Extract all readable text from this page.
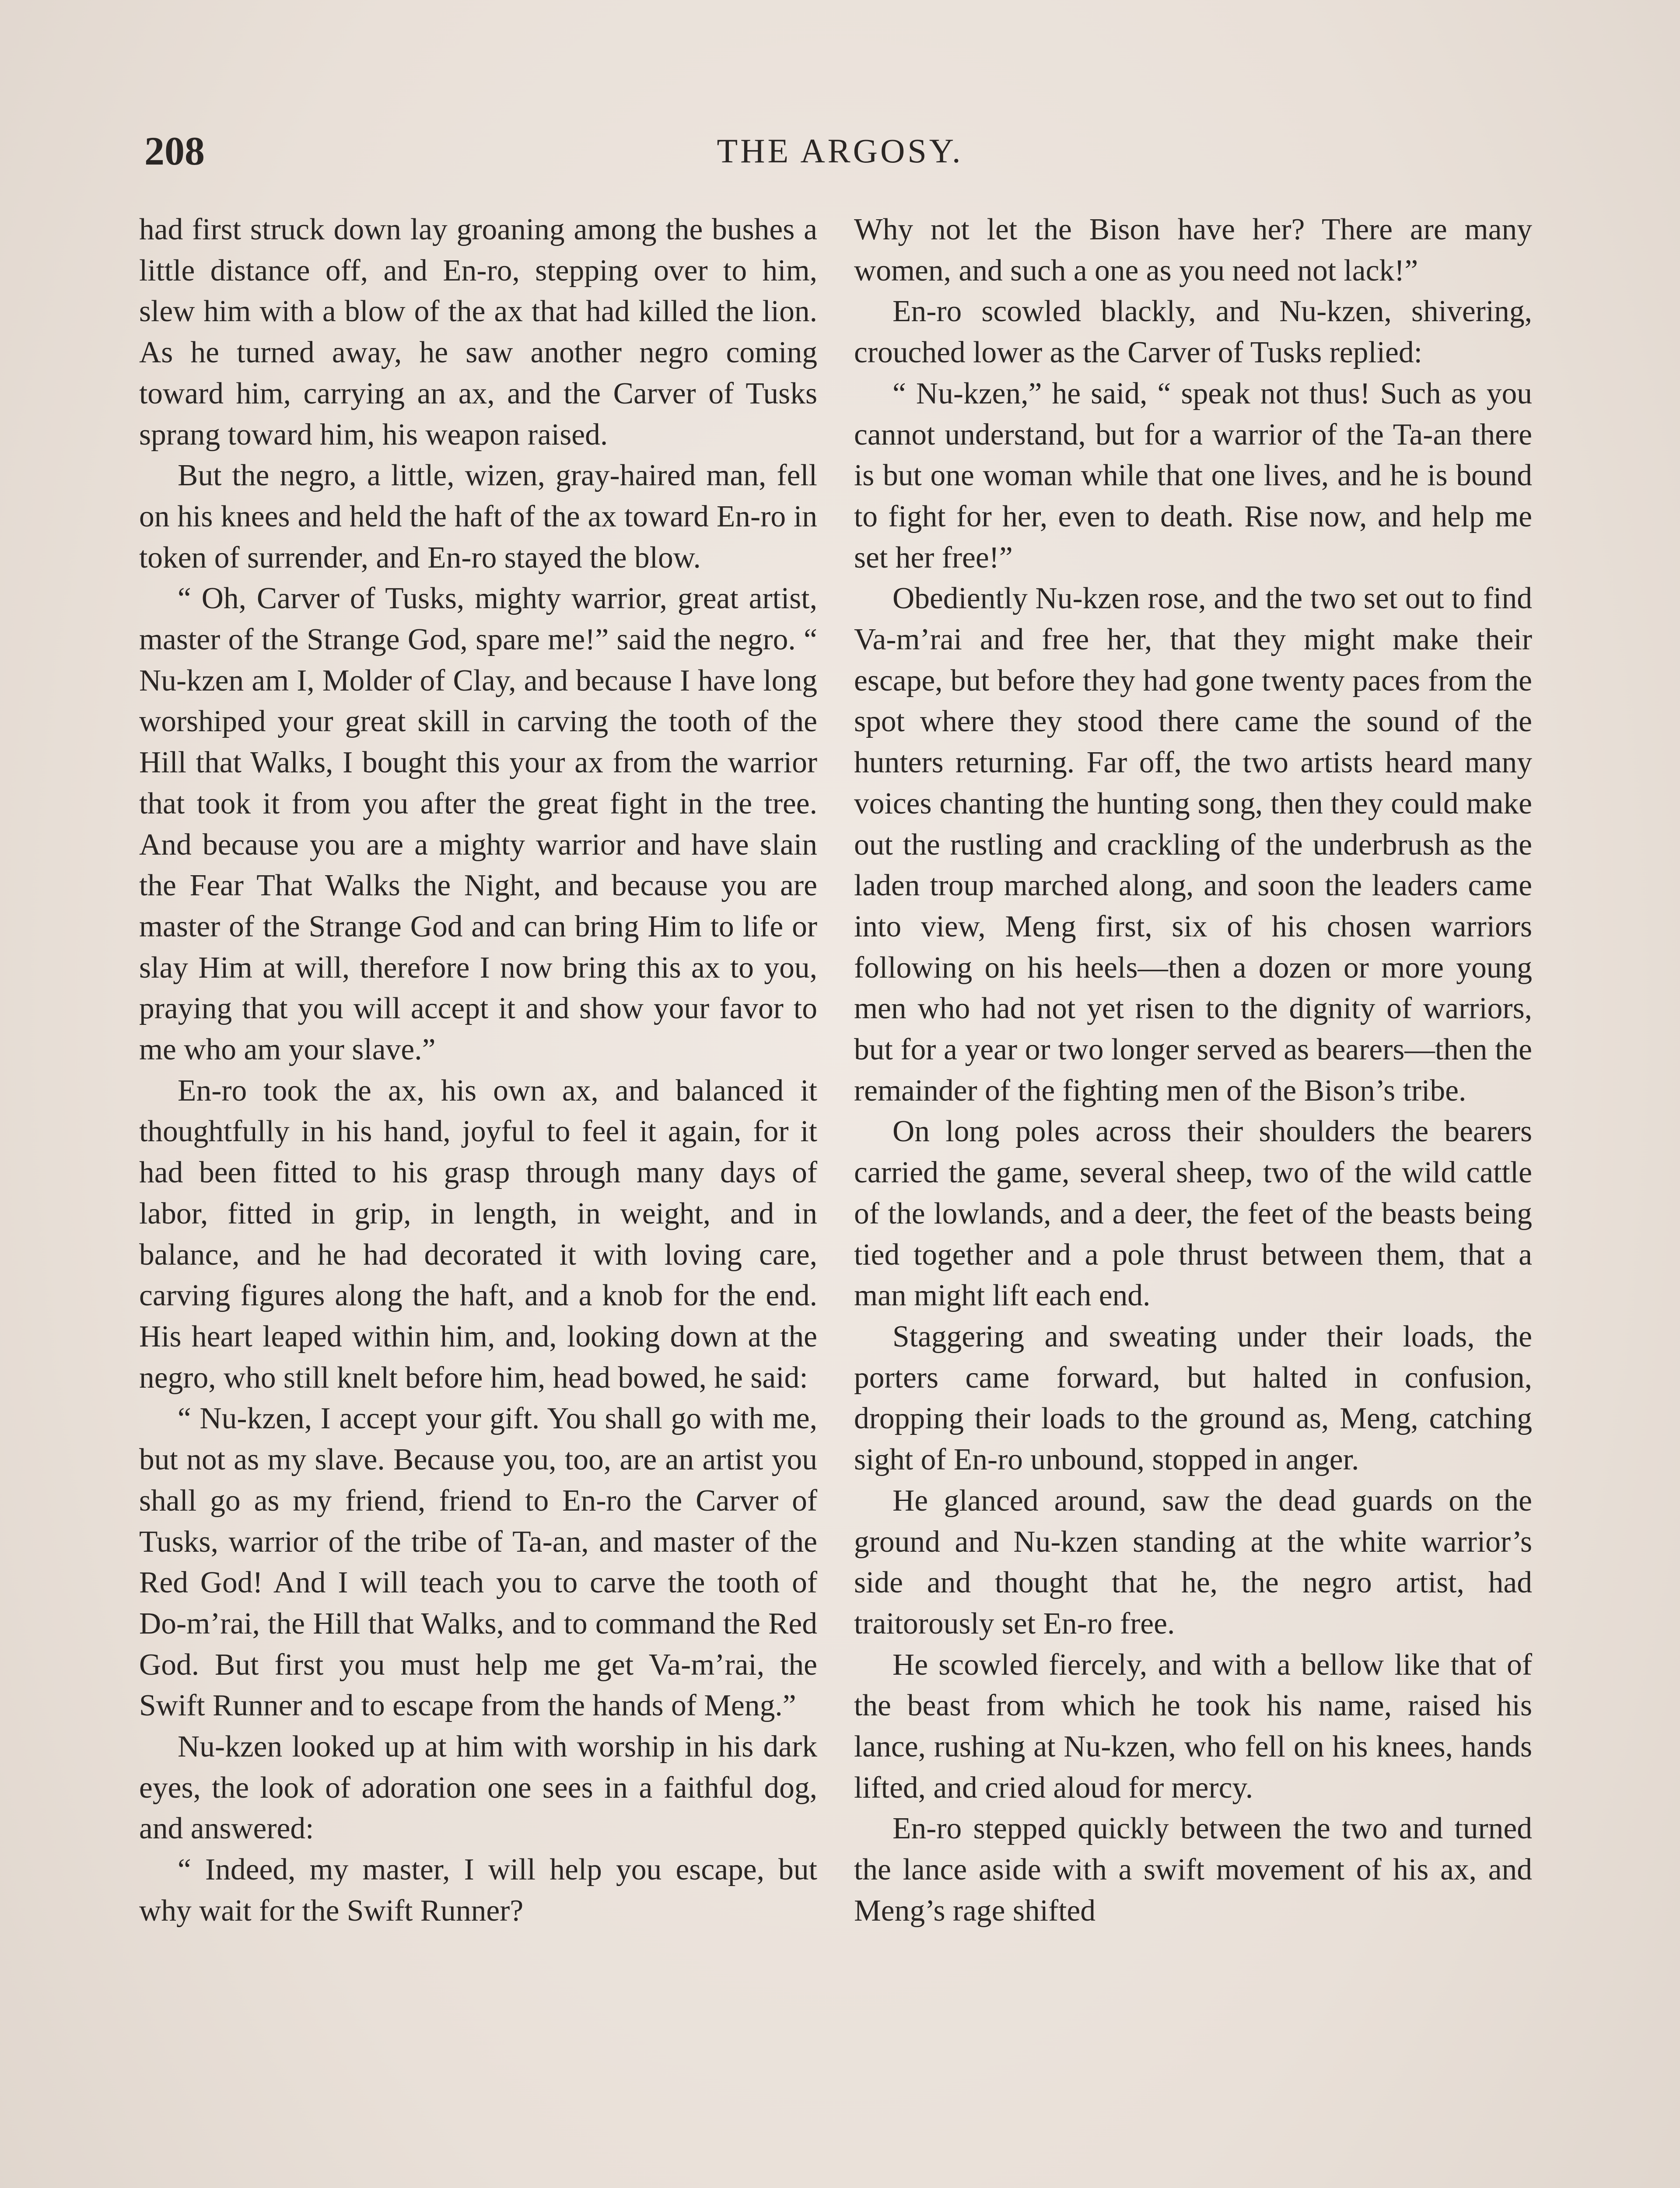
208	THE ARGOSY.

had first struck down lay groaning among the bushes a little distance off, and En-ro, stepping over to him, slew him with a blow of the ax that had killed the lion. As he turned away, he saw another negro coming toward him, carrying an ax, and the Carver of Tusks sprang toward him, his weapon raised.

But the negro, a little, wizen, gray-haired man, fell on his knees and held the haft of the ax toward En-ro in token of surrender, and En-ro stayed the blow.

“ Oh, Carver of Tusks, mighty warrior, great artist, master of the Strange God, spare me!” said the negro. “ Nu-kzen am I, Molder of Clay, and because I have long worshiped your great skill in carving the tooth of the Hill that Walks, I bought this your ax from the warrior that took it from you after the great fight in the tree. And because you are a mighty warrior and have slain the Fear That Walks the Night, and because you are master of the Strange God and can bring Him to life or slay Him at will, therefore I now bring this ax to you, praying that you will accept it and show your favor to me who am your slave.”

En-ro took the ax, his own ax, and balanced it thoughtfully in his hand, joyful to feel it again, for it had been fitted to his grasp through many days of labor, fitted in grip, in length, in weight, and in balance, and he had decorated it with loving care, carving figures along the haft, and a knob for the end. His heart leaped within him, and, looking down at the negro, who still knelt before him, head bowed, he said:

“ Nu-kzen, I accept your gift. You shall go with me, but not as my slave. Because you, too, are an artist you shall go as my friend, friend to En-ro the Carver of Tusks, warrior of the tribe of Ta-an, and master of the Red God! And I will teach you to carve the tooth of Do-m’rai, the Hill that Walks, and to command the Red God. But first you must help me get Va-m’rai, the Swift Runner and to escape from the hands of Meng.”

Nu-kzen looked up at him with worship in his dark eyes, the look of adoration one sees in a faithful dog, and answered:

“ Indeed, my master, I will help you escape, but why wait for the Swift Runner?

Why not let the Bison have her? There are many women, and such a one as you need not lack!”

En-ro scowled blackly, and Nu-kzen, shivering, crouched lower as the Carver of Tusks replied:

“ Nu-kzen,” he said, “ speak not thus! Such as you cannot understand, but for a warrior of the Ta-an there is but one woman while that one lives, and he is bound to fight for her, even to death. Rise now, and help me set her free!”

Obediently Nu-kzen rose, and the two set out to find Va-m’rai and free her, that they might make their escape, but before they had gone twenty paces from the spot where they stood there came the sound of the hunters returning. Far off, the two artists heard many voices chanting the hunting song, then they could make out the rustling and crackling of the underbrush as the laden troup marched along, and soon the leaders came into view, Meng first, six of his chosen warriors following on his heels—then a dozen or more young men who had not yet risen to the dignity of warriors, but for a year or two longer served as bearers—then the remainder of the fighting men of the Bison’s tribe.

On long poles across their shoulders the bearers carried the game, several sheep, two of the wild cattle of the lowlands, and a deer, the feet of the beasts being tied together and a pole thrust between them, that a man might lift each end.

Staggering and sweating under their loads, the porters came forward, but halted in confusion, dropping their loads to the ground as, Meng, catching sight of En-ro unbound, stopped in anger.

He glanced around, saw the dead guards on the ground and Nu-kzen standing at the white warrior’s side and thought that he, the negro artist, had traitorously set En-ro free.

He scowled fiercely, and with a bellow like that of the beast from which he took his name, raised his lance, rushing at Nu-kzen, who fell on his knees, hands lifted, and cried aloud for mercy.

En-ro stepped quickly between the two and turned the lance aside with a swift movement of his ax, and Meng’s rage shifted
